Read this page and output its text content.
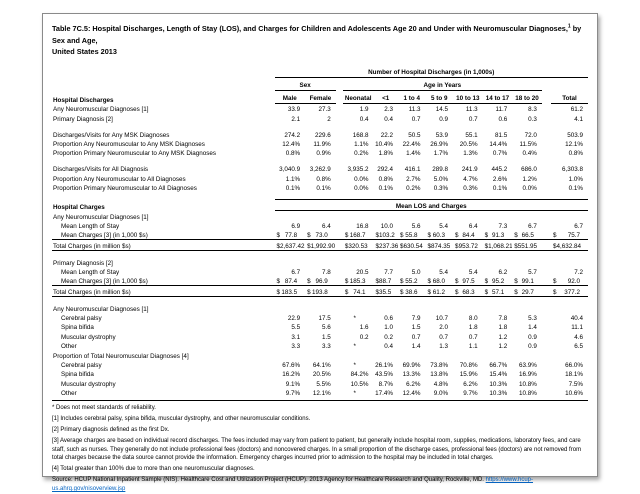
Table 7C.5: Hospital Discharges, Length of Stay (LOS), and Charges for Children and Adolescents Age 20 and Under with Neuromuscular Diagnoses,$^1$ by Sex and Age,
United States 2013
	Number of Hospital Discharges (in 1,000s)											
	Sex			Age in Years								
Hospital Discharges	Male	Female		Neonatal	<1	1 to 4	5 to 9	10 to 13	14 to 17	18 to 20		Total
Any Neuromuscular Diagnoses [1]	33.9	27.3		1.9	2.3	11.3	14.5	11.3	11.7	8.3		61.2
Primary Diagnosis [2]	2.1	2		0.4	0.4	0.7	0.9	0.7	0.6	0.3		4.1

Discharges/Visits for Any MSK Diagnoses	274.2	229.6		168.8	22.2	50.5	53.9	55.1	81.5	72.0		503.9
Proportion Any Neuromuscular to Any MSK Diagnoses	12.4%	11.9%		1.1%	10.4%	22.4%	26.9%	20.5%	14.4%	11.5%		12.1%
Proportion Primary Neuromuscular to Any MSK Diagnoses	0.8%	0.9%		0.2%	1.8%	1.4%	1.7%	1.3%	0.7%	0.4%		0.8%

Discharges/Visits for All Diagnosis	3,040.9	3,262.9		3,935.2	292.4	416.1	289.8	241.9	445.2	686.0		6,303.8
Proportion Any Neuromuscular to All Diagnoses	1.1%	0.8%		0.0%	0.8%	2.7%	5.0%	4.7%	2.6%	1.2%		1.0%
Proportion Primary Neuromuscular to All Diagnoses	0.1%	0.1%		0.0%	0.1%	0.2%	0.3%	0.3%	0.1%	0.0%		0.1%

Hospital Charges	Mean LOS and Charges											
Any Neuromuscular Diagnoses [1]												
Mean Length of Stay	6.9	6.4		16.8	10.0	5.6	5.4	6.4	7.3	6.7		6.7
Mean Charges [3] (in 1,000 $s)	$ 77.8	$ 73.0		$ 168.7	$ 103.2	$ 55.8	$ 60.3	$ 84.4	$ 91.3	$ 66.5		$ 75.7

Total Charges (in million $s)	$ 2,637.42	$ 1,992.90		$ 320.53	$ 237.36	$ 630.54	$ 874.35	$ 953.72	$ 1,068.21	$ 551.95		$ 4,632.84

Primary Diagnosis [2]												
Mean Length of Stay	6.7	7.8		20.5	7.7	5.0	5.4	5.4	6.2	5.7		7.2
Mean Charges [3] (in 1,000 $s)	$ 87.4	$ 96.9		$ 185.3	$ 88.7	$ 55.2	$ 68.0	$ 97.5	$ 95.2	$ 99.1		$ 92.0

Total Charges (in million $s)	$ 183.5	$ 193.8		$ 74.1	$ 35.5	$ 38.6	$ 61.2	$ 68.3	$ 57.1	$ 29.7		$ 377.2

Any Neuromuscular Diagnoses [1]												
Cerebral palsy	22.9	17.5		*	0.6	7.9	10.7	8.0	7.8	5.3		40.4
Spina bifida	5.5	5.6		1.6	1.0	1.5	2.0	1.8	1.8	1.4		11.1
Muscular dystrophy	3.1	1.5		0.2	0.2	0.7	0.7	0.7	1.2	0.9		4.6
Other	3.3	3.3		*	0.4	1.4	1.3	1.1	1.2	0.9		6.5
Proportion of Total Neuromuscular Diagnoses [4]												
Cerebral palsy	67.6%	64.1%		*	26.1%	69.9%	73.8%	70.8%	66.7%	63.9%		66.0%
Spina bifida	16.2%	20.5%		84.2%	43.5%	13.3%	13.8%	15.9%	15.4%	16.9%		18.1%
Muscular dystrophy	9.1%	5.5%		10.5%	8.7%	6.2%	4.8%	6.2%	10.3%	10.8%		7.5%
Other	9.7%	12.1%		*	17.4%	12.4%	9.0%	9.7%	10.3%	10.8%		10.6%
* Does not meet standards of reliability.
[1] Includes cerebral palsy, spina bifida, muscular dystrophy, and other neuromuscular conditions.
[2] Primary diagnosis defined as the first Dx.
[3] Average charges are based on individual record discharges. The fees included may vary from patient to patient, but generally include hospital room, supplies, medications, laboratory fees, and care staff, such as nurses. They generally do not include professional fees (doctors) and noncovered charges. In a small proportion of the discharge cases, professional fees (doctors) are not removed from total charges because the data source cannot provide the information. Emergency charges incurred prior to admission to the hospital may be included in total charges.
[4] Total greater than 100% due to more than one neuromuscular diagnoses.
Source: HCUP National Inpatient Sample (NIS). Healthcare Cost and Utilization Project (HCUP). 2013 Agency for Healthcare Research and Quality, Rockville, MD. https://www.hcup-us.ahrq.gov/nisoverview.jsp
